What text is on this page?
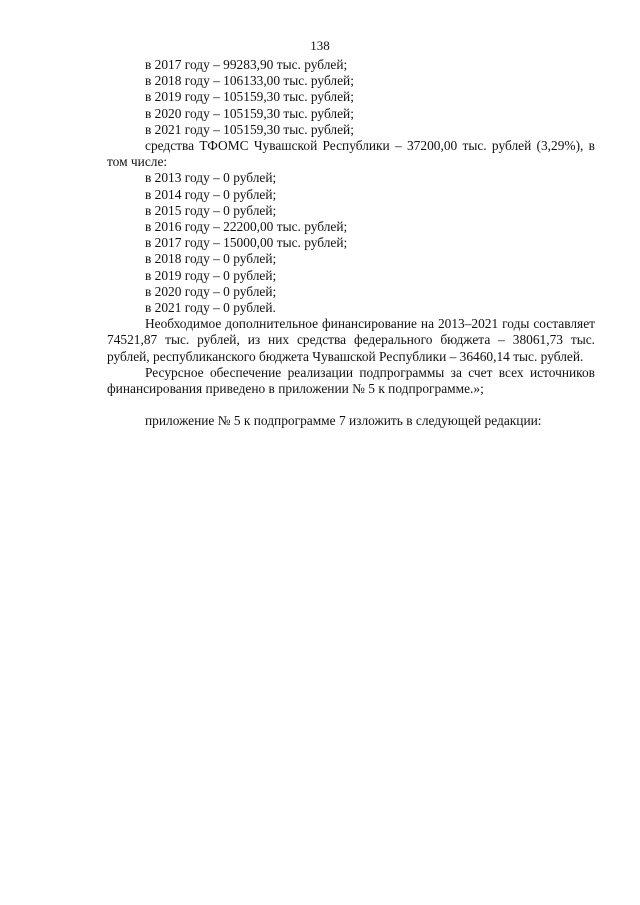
138
в 2017 году – 99283,90 тыс. рублей;
в 2018 году – 106133,00 тыс. рублей;
в 2019 году – 105159,30 тыс. рублей;
в 2020 году – 105159,30 тыс. рублей;
в 2021 году – 105159,30 тыс. рублей;
средства ТФОМС Чувашской Республики – 37200,00 тыс. рублей (3,29%), в том числе:
в 2013 году – 0 рублей;
в 2014 году – 0 рублей;
в 2015 году – 0 рублей;
в 2016 году – 22200,00 тыс. рублей;
в 2017 году – 15000,00 тыс. рублей;
в 2018 году – 0 рублей;
в 2019 году – 0 рублей;
в 2020 году – 0 рублей;
в 2021 году – 0 рублей.
Необходимое дополнительное финансирование на 2013–2021 годы составляет 74521,87 тыс. рублей, из них средства федерального бюджета – 38061,73 тыс. рублей, республиканского бюджета Чувашской Республики – 36460,14 тыс. рублей.
Ресурсное обеспечение реализации подпрограммы за счет всех источников финансирования приведено в приложении № 5 к подпрограмме.»;
приложение № 5 к подпрограмме 7 изложить в следующей редакции:
